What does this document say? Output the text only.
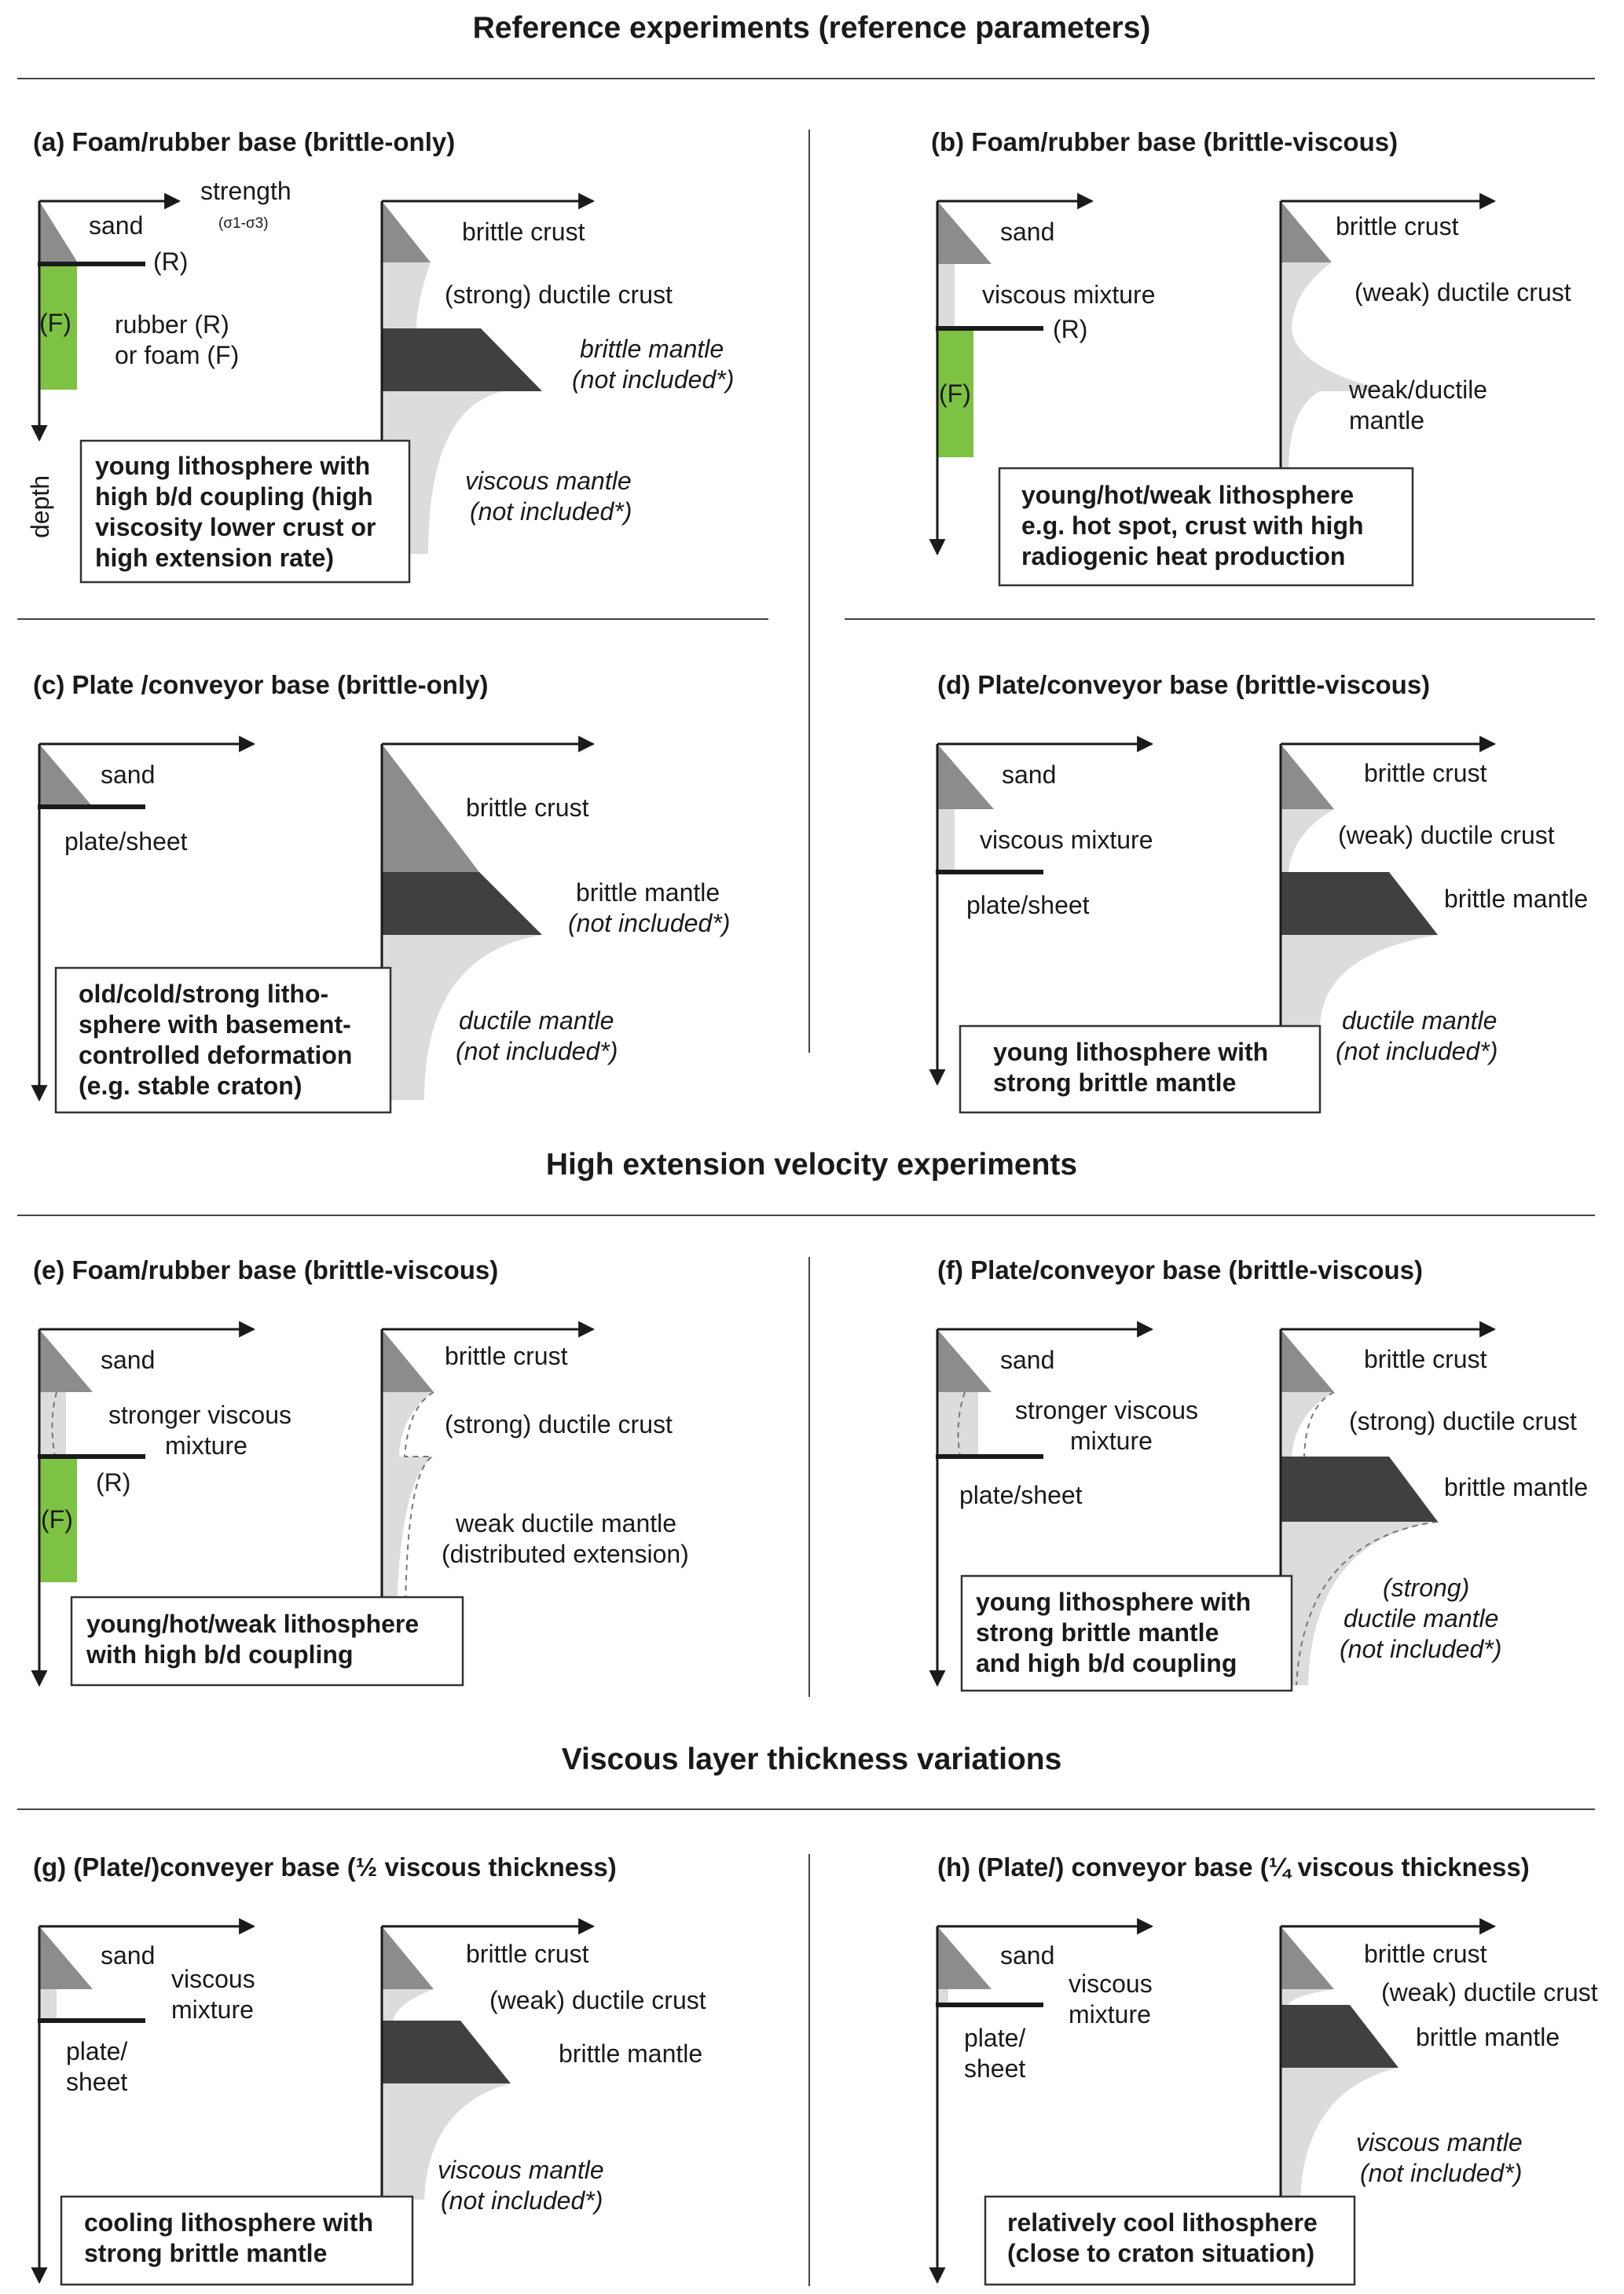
Reference experiments (reference parameters)
High extension velocity experiments
Viscous layer thickness variations
(a) Foam/rubber base (brittle-only)
strength
(σ1-σ3)
depth
sand
(R)
(F) rubber (R)
or foam (F)
brittle crust
(strong) ductile crust
brittle mantle
(not included*)
viscous mantle
(not included*)
young lithosphere with
high b/d coupling (high
viscosity lower crust or
high extension rate)
(b) Foam/rubber base (brittle-viscous)
sand
viscous mixture
(R)
(F)
brittle crust
(weak) ductile crust
weak/ductile
mantle
young/hot/weak lithosphere
e.g. hot spot, crust with high
radiogenic heat production
(c) Plate /conveyor base (brittle-only)
sand
plate/sheet
brittle crust
brittle mantle
(not included*)
ductile mantle
(not included*)
old/cold/strong litho-
sphere with basement-
controlled deformation
(e.g. stable craton)
(d) Plate/conveyor base (brittle-viscous)
sand
viscous mixture
plate/sheet
brittle crust
(weak) ductile crust
brittle mantle
ductile mantle
(not included*)
young lithosphere with
strong brittle mantle
(e) Foam/rubber base (brittle-viscous)
sand
stronger viscous
mixture
(R)
(F)
brittle crust
(strong) ductile crust
weak ductile mantle
(distributed extension)
young/hot/weak lithosphere
with high b/d coupling
(f) Plate/conveyor base (brittle-viscous)
sand
stronger viscous
mixture
plate/sheet
brittle crust
(strong) ductile crust
brittle mantle
(strong)
ductile mantle
(not included*)
young lithosphere with
strong brittle mantle
and high b/d coupling
(g) (Plate/)conveyer base (½ viscous thickness)
sand
viscous
mixture
plate/
sheet
brittle crust
(weak) ductile crust
brittle mantle
viscous mantle
(not included*)
cooling lithosphere with
strong brittle mantle
(h) (Plate/) conveyor base (¼ viscous thickness)
sand
viscous
mixture
plate/
sheet
brittle crust
(weak) ductile crust
brittle mantle
viscous mantle
(not included*)
relatively cool lithosphere
(close to craton situation)
